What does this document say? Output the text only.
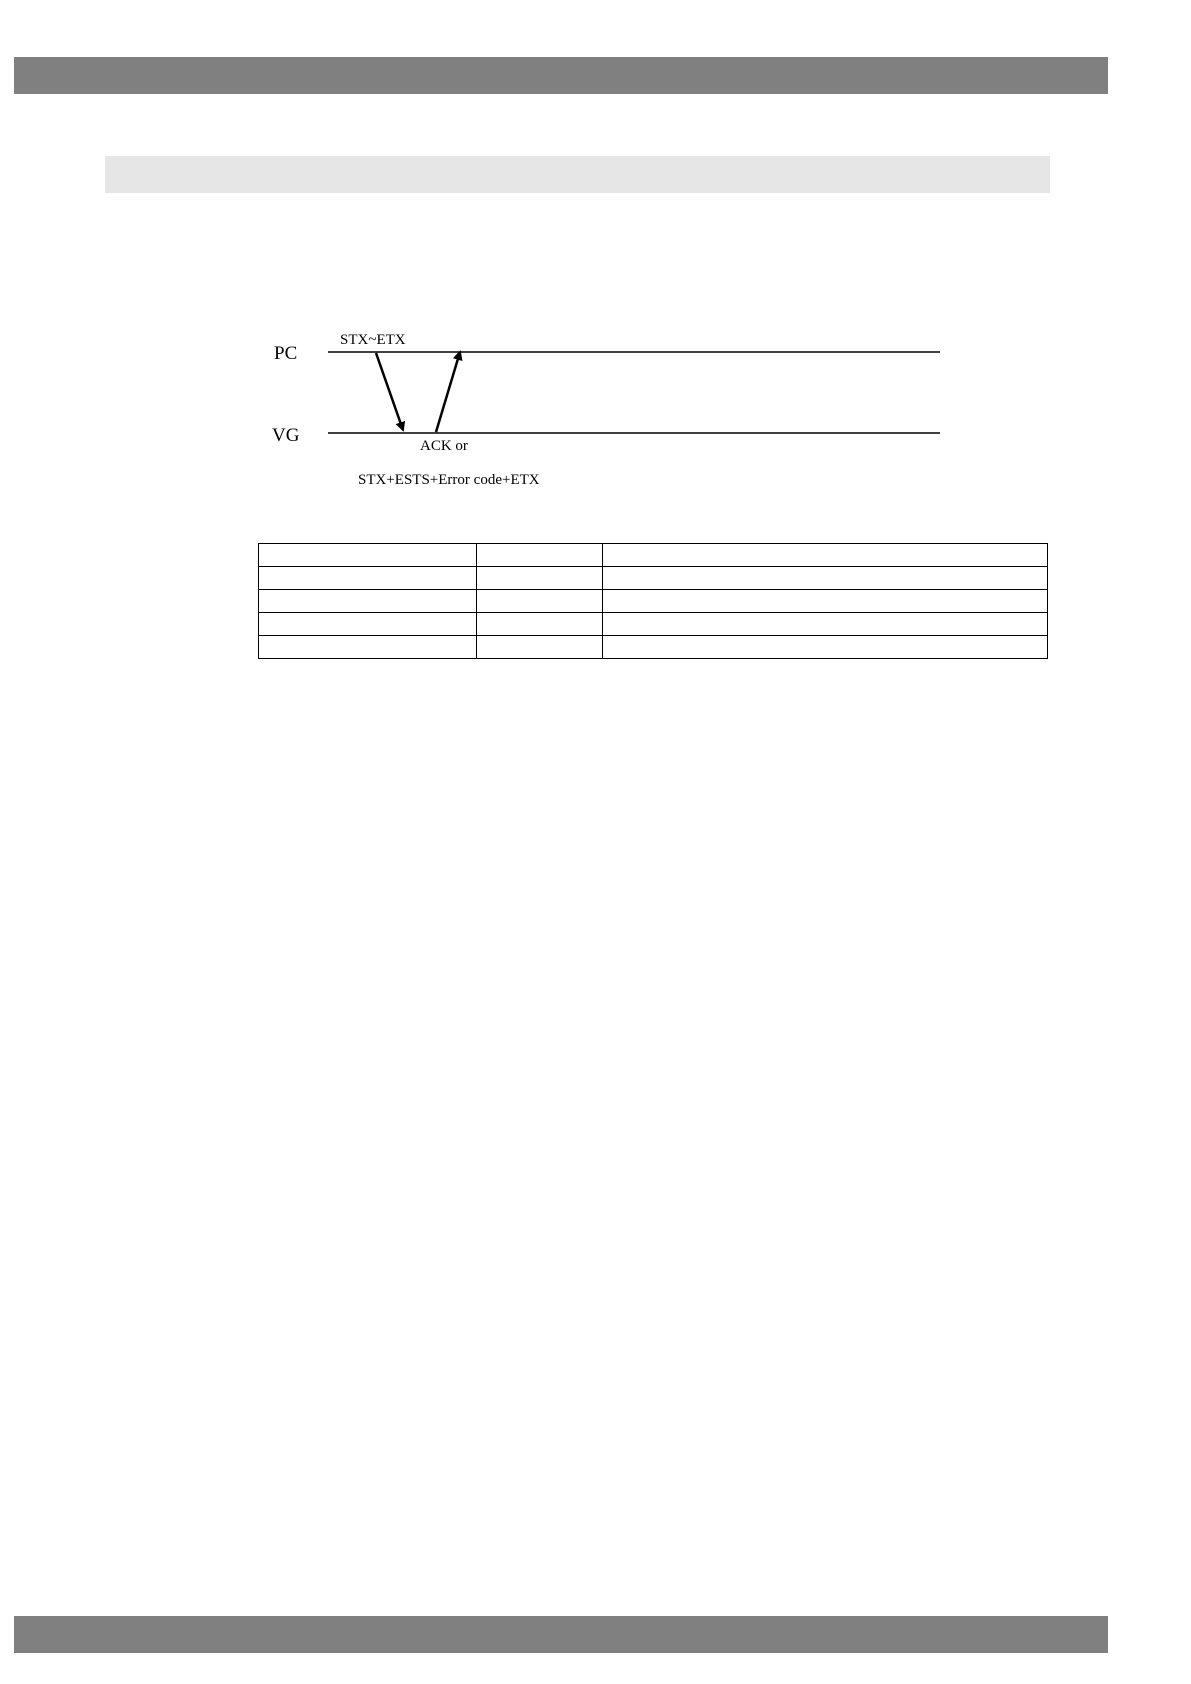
PC
VG
STX~ETX
ACK or
STX+ESTS+Error code+ETX
